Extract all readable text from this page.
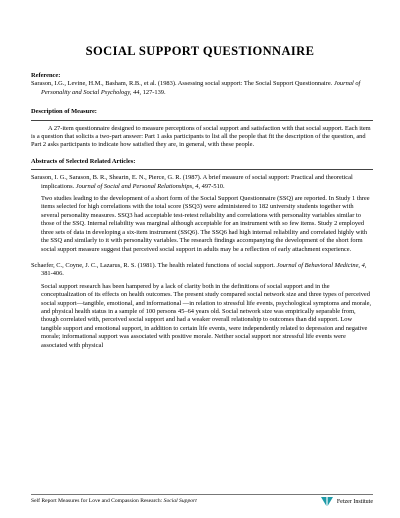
SOCIAL SUPPORT QUESTIONNAIRE

Reference:

Sarason, I.G., Levine, H.M., Basham, R.B., et al. (1983). Assessing social support: The Social Support Questionnaire. Journal of Personality and Social Psychology, 44, 127-139.

Description of Measure:

A 27-item questionnaire designed to measure perceptions of social support and satisfaction with that social support. Each item is a question that solicits a two-part answer: Part 1 asks participants to list all the people that fit the description of the question, and Part 2 asks participants to indicate how satisfied they are, in general, with these people.

Abstracts of Selected Related Articles:

Sarason, I. G., Sarason, B. R., Shearin, E. N., Pierce, G. R. (1987). A brief measure of social support: Practical and theoretical implications. Journal of Social and Personal Relationships, 4, 497-510.

Two studies leading to the development of a short form of the Social Support Questionnaire (SSQ) are reported. In Study 1 three items selected for high correlations with the total score (SSQ3) were administered to 182 university students together with several personality measures. SSQ3 had acceptable test-retest reliability and correlations with personality variables similar to those of the SSQ. Internal reliability was marginal although acceptable for an instrument with so few items. Study 2 employed three sets of data in developing a six-item instrument (SSQ6). The SSQ6 had high internal reliability and correlated highly with the SSQ and similarly to it with personality variables. The research findings accompanying the development of the short form social support measure suggest that perceived social support in adults may be a reflection of early attachment experience.

Schaefer, C., Coyne, J. C., Lazarus, R. S. (1981). The health related functions of social support. Journal of Behavioral Medicine, 4, 381-406.

Social support research has been hampered by a lack of clarity both in the definitions of social support and in the conceptualization of its effects on health outcomes. The present study compared social network size and three types of perceived social support—tangible, emotional, and informational —in relation to stressful life events, psychological symptoms and morale, and physical health status in a sample of 100 persons 45–64 years old. Social network size was empirically separable from, though correlated with, perceived social support and had a weaker overall relationship to outcomes than did support. Low tangible support and emotional support, in addition to certain life events, were independently related to depression and negative morale; informational support was associated with positive morale. Neither social support nor stressful life events were associated with physical

Self Report Measures for Love and Compassion Research: Social Support	Fetzer Institute
